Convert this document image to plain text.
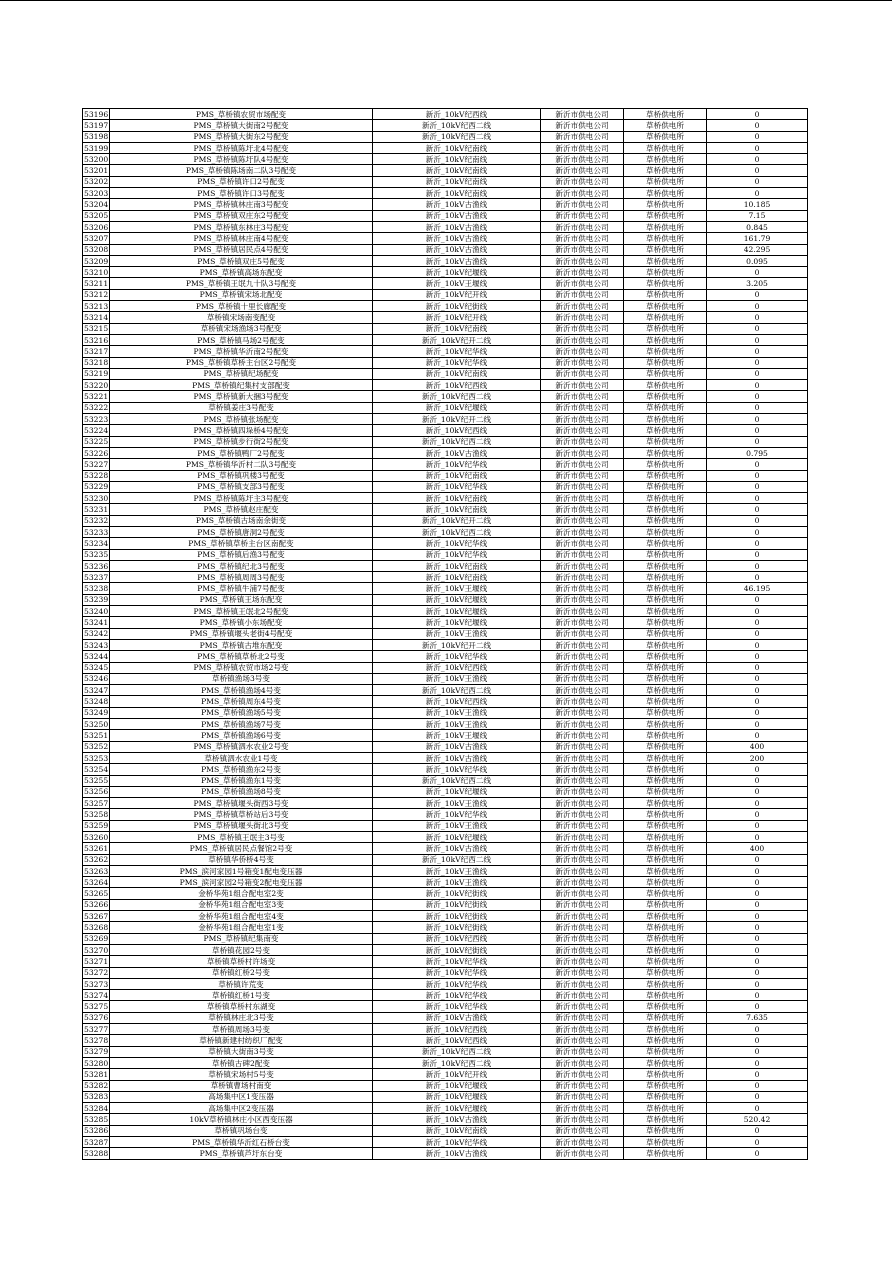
53196	PMS_草桥镇农贸市场配变	新沂_10kV纪西线	新沂市供电公司	草桥供电所	0
53197	PMS_草桥镇大街南2号配变	新沂_10kV纪西二线	新沂市供电公司	草桥供电所	0
53198	PMS_草桥镇大街东2号配变	新沂_10kV纪西二线	新沂市供电公司	草桥供电所	0
53199	PMS_草桥镇陈圩北4号配变	新沂_10kV纪南线	新沂市供电公司	草桥供电所	0
53200	PMS_草桥镇陈圩队4号配变	新沂_10kV纪南线	新沂市供电公司	草桥供电所	0
53201	PMS_草桥镇陈场南二队3号配变	新沂_10kV纪南线	新沂市供电公司	草桥供电所	0
53202	PMS_草桥镇许口2号配变	新沂_10kV纪南线	新沂市供电公司	草桥供电所	0
53203	PMS_草桥镇许口3号配变	新沂_10kV纪南线	新沂市供电公司	草桥供电所	0
53204	PMS_草桥镇林庄南3号配变	新沂_10kV古渔线	新沂市供电公司	草桥供电所	10.185
53205	PMS_草桥镇双庄东2号配变	新沂_10kV古渔线	新沂市供电公司	草桥供电所	7.15
53206	PMS_草桥镇东林庄3号配变	新沂_10kV古渔线	新沂市供电公司	草桥供电所	0.845
53207	PMS_草桥镇林庄南4号配变	新沂_10kV古渔线	新沂市供电公司	草桥供电所	161.79
53208	PMS_草桥镇居民点4号配变	新沂_10kV古渔线	新沂市供电公司	草桥供电所	42.295
53209	PMS_草桥镇双庄5号配变	新沂_10kV古渔线	新沂市供电公司	草桥供电所	0.095
53210	PMS_草桥镇高场东配变	新沂_10kV纪堰线	新沂市供电公司	草桥供电所	0
53211	PMS_草桥镇王氓九十队3号配变	新沂_10kV王堰线	新沂市供电公司	草桥供电所	3.205
53212	PMS_草桥镇宋场北配变	新沂_10kV纪开线	新沂市供电公司	草桥供电所	0
53213	PMS_草桥镇十里长廊配变	新沂_10kV纪街线	新沂市供电公司	草桥供电所	0
53214	草桥镇宋场南变配变	新沂_10kV纪开线	新沂市供电公司	草桥供电所	0
53215	草桥镇宋场渔场3号配变	新沂_10kV纪南线	新沂市供电公司	草桥供电所	0
53216	PMS_草桥镇马场2号配变	新沂_10kV纪开二线	新沂市供电公司	草桥供电所	0
53217	PMS_草桥镇华沂南2号配变	新沂_10kV纪华线	新沂市供电公司	草桥供电所	0
53218	PMS_草桥镇草桥主台区2号配变	新沂_10kV纪华线	新沂市供电公司	草桥供电所	0
53219	PMS_草桥镇纪场配变	新沂_10kV纪南线	新沂市供电公司	草桥供电所	0
53220	PMS_草桥镇纪集村支部配变	新沂_10kV纪西线	新沂市供电公司	草桥供电所	0
53221	PMS_草桥镇新大捆3号配变	新沂_10kV纪西二线	新沂市供电公司	草桥供电所	0
53222	草桥镇姜庄3号配变	新沂_10kV纪堰线	新沂市供电公司	草桥供电所	0
53223	PMS_草桥镇张场配变	新沂_10kV纪开二线	新沂市供电公司	草桥供电所	0
53224	PMS_草桥镇四垛桥4号配变	新沂_10kV纪西线	新沂市供电公司	草桥供电所	0
53225	PMS_草桥镇步行街2号配变	新沂_10kV纪西二线	新沂市供电公司	草桥供电所	0
53226	PMS_草桥镇鸭厂2号配变	新沂_10kV古渔线	新沂市供电公司	草桥供电所	0.795
53227	PMS_草桥镇华沂村二队3号配变	新沂_10kV纪华线	新沂市供电公司	草桥供电所	0
53228	PMS_草桥镇巩楼3号配变	新沂_10kV纪南线	新沂市供电公司	草桥供电所	0
53229	PMS_草桥镇支部3号配变	新沂_10kV纪华线	新沂市供电公司	草桥供电所	0
53230	PMS_草桥镇陈圩主3号配变	新沂_10kV纪南线	新沂市供电公司	草桥供电所	0
53231	PMS_草桥镇赵庄配变	新沂_10kV纪南线	新沂市供电公司	草桥供电所	0
53232	PMS_草桥镇古场南余街变	新沂_10kV纪开二线	新沂市供电公司	草桥供电所	0
53233	PMS_草桥镇唐洞2号配变	新沂_10kV纪西二线	新沂市供电公司	草桥供电所	0
53234	PMS_草桥镇草桥主台区南配变	新沂_10kV纪华线	新沂市供电公司	草桥供电所	0
53235	PMS_草桥镇后渔3号配变	新沂_10kV纪华线	新沂市供电公司	草桥供电所	0
53236	PMS_草桥镇纪北3号配变	新沂_10kV纪南线	新沂市供电公司	草桥供电所	0
53237	PMS_草桥镇周周3号配变	新沂_10kV纪南线	新沂市供电公司	草桥供电所	0
53238	PMS_草桥镇牛浦7号配变	新沂_10kV王堰线	新沂市供电公司	草桥供电所	46.195
53239	PMS_草桥镇王场东配变	新沂_10kV纪堰线	新沂市供电公司	草桥供电所	0
53240	PMS_草桥镇王氓北2号配变	新沂_10kV纪堰线	新沂市供电公司	草桥供电所	0
53241	PMS_草桥镇小东场配变	新沂_10kV纪堰线	新沂市供电公司	草桥供电所	0
53242	PMS_草桥镇堰头老街4号配变	新沂_10kV王渔线	新沂市供电公司	草桥供电所	0
53243	PMS_草桥镇古堆东配变	新沂_10kV纪开二线	新沂市供电公司	草桥供电所	0
53244	PMS_草桥镇草桥北2号变	新沂_10kV纪华线	新沂市供电公司	草桥供电所	0
53245	PMS_草桥镇农贸市场2号变	新沂_10kV纪西线	新沂市供电公司	草桥供电所	0
53246	草桥镇渔场3号变	新沂_10kV王渔线	新沂市供电公司	草桥供电所	0
53247	PMS_草桥镇渔场4号变	新沂_10kV纪西二线	新沂市供电公司	草桥供电所	0
53248	PMS_草桥镇周东4号变	新沂_10kV纪西线	新沂市供电公司	草桥供电所	0
53249	PMS_草桥镇渔场5号变	新沂_10kV王渔线	新沂市供电公司	草桥供电所	0
53250	PMS_草桥镇渔场7号变	新沂_10kV王渔线	新沂市供电公司	草桥供电所	0
53251	PMS_草桥镇渔场6号变	新沂_10kV王堰线	新沂市供电公司	草桥供电所	0
53252	PMS_草桥镇泗水农业2号变	新沂_10kV古渔线	新沂市供电公司	草桥供电所	400
53253	草桥镇泗水农业1号变	新沂_10kV古渔线	新沂市供电公司	草桥供电所	200
53254	PMS_草桥镇渔东2号变	新沂_10kV纪华线	新沂市供电公司	草桥供电所	0
53255	PMS_草桥镇渔东1号变	新沂_10kV纪西二线	新沂市供电公司	草桥供电所	0
53256	PMS_草桥镇渔场8号变	新沂_10kV纪堰线	新沂市供电公司	草桥供电所	0
53257	PMS_草桥镇堰头街西3号变	新沂_10kV王渔线	新沂市供电公司	草桥供电所	0
53258	PMS_草桥镇草桥站后3号变	新沂_10kV纪华线	新沂市供电公司	草桥供电所	0
53259	PMS_草桥镇堰头街北3号变	新沂_10kV王渔线	新沂市供电公司	草桥供电所	0
53260	PMS_草桥镇王氓主3号变	新沂_10kV纪堰线	新沂市供电公司	草桥供电所	0
53261	PMS_草桥镇居民点餐馆2号变	新沂_10kV古渔线	新沂市供电公司	草桥供电所	400
53262	草桥镇华侨桥4号变	新沂_10kV纪西二线	新沂市供电公司	草桥供电所	0
53263	PMS_滨河家园1号箱变1配电变压器	新沂_10kV王渔线	新沂市供电公司	草桥供电所	0
53264	PMS_滨河家园2号箱变2配电变压器	新沂_10kV王渔线	新沂市供电公司	草桥供电所	0
53265	金桥华苑1组合配电室2变	新沂_10kV纪街线	新沂市供电公司	草桥供电所	0
53266	金桥华苑1组合配电室3变	新沂_10kV纪街线	新沂市供电公司	草桥供电所	0
53267	金桥华苑1组合配电室4变	新沂_10kV纪街线	新沂市供电公司	草桥供电所	0
53268	金桥华苑1组合配电室1变	新沂_10kV纪街线	新沂市供电公司	草桥供电所	0
53269	PMS_草桥镇纪集南变	新沂_10kV纪西线	新沂市供电公司	草桥供电所	0
53270	草桥镇花园2号变	新沂_10kV纪街线	新沂市供电公司	草桥供电所	0
53271	草桥镇草桥村许场变	新沂_10kV纪华线	新沂市供电公司	草桥供电所	0
53272	草桥镇红桥2号变	新沂_10kV纪华线	新沂市供电公司	草桥供电所	0
53273	草桥镇许荒变	新沂_10kV纪华线	新沂市供电公司	草桥供电所	0
53274	草桥镇红桥1号变	新沂_10kV纪华线	新沂市供电公司	草桥供电所	0
53275	草桥镇草桥村东湖变	新沂_10kV纪华线	新沂市供电公司	草桥供电所	0
53276	草桥镇林庄北3号变	新沂_10kV古渔线	新沂市供电公司	草桥供电所	7.635
53277	草桥镇周场3号变	新沂_10kV纪西线	新沂市供电公司	草桥供电所	0
53278	草桥镇新建村纺织厂配变	新沂_10kV纪西线	新沂市供电公司	草桥供电所	0
53279	草桥镇大街南3号变	新沂_10kV纪西二线	新沂市供电公司	草桥供电所	0
53280	草桥镇古碑2配变	新沂_10kV纪西二线	新沂市供电公司	草桥供电所	0
53281	草桥镇宋场村5号变	新沂_10kV纪开线	新沂市供电公司	草桥供电所	0
53282	草桥镇曹场村南变	新沂_10kV纪堰线	新沂市供电公司	草桥供电所	0
53283	高场集中区1变压器	新沂_10kV纪堰线	新沂市供电公司	草桥供电所	0
53284	高场集中区2变压器	新沂_10kV纪堰线	新沂市供电公司	草桥供电所	0
53285	10kV草桥镇林庄小区西变压器	新沂_10kV古渔线	新沂市供电公司	草桥供电所	520.42
53286	草桥镇巩场台变	新沂_10kV纪南线	新沂市供电公司	草桥供电所	0
53287	PMS_草桥镇华沂红石桥台变	新沂_10kV纪华线	新沂市供电公司	草桥供电所	0
53288	PMS_草桥镇芦圩东台变	新沂_10kV古渔线	新沂市供电公司	草桥供电所	0
